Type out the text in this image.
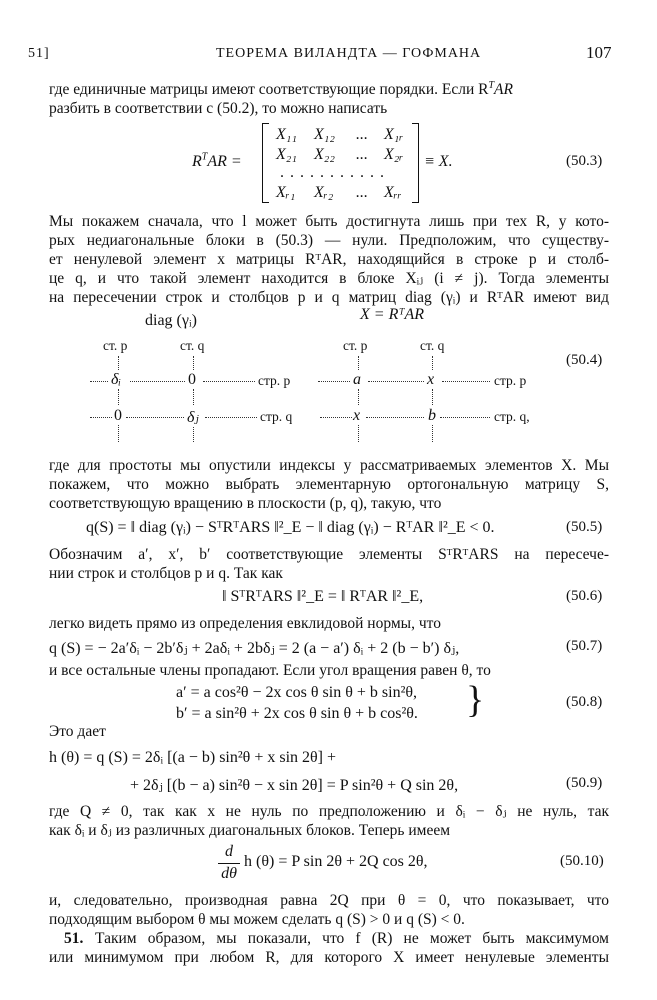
51]	ТЕОРЕМА ВИЛАНДТА — ГОФМАНА	107
где единичные матрицы имеют соответствующие порядки. Если $R^TAR$
разбить в соответствии с (50.2), то можно написать
$R^TAR$ =
X₁₁ X₁₂ ... X₁ᵣ
X₂₁ X₂₂ ... X₂ᵣ
. . . . . . . . . . .
Xᵣ₁ Xᵣ₂ ... Xᵣᵣ
≡ X.	(50.3)
Мы покажем сначала, что l может быть достигнута лишь при тех R, у кото-
рых недиагональные блоки в (50.3) — нули. Предположим, что существу-
ет ненулевой элемент x матрицы RᵀAR, находящийся в строке p и столб-
це q, и что такой элемент находится в блоке Xᵢⱼ (i ≠ j). Тогда элементы
на пересечении строк и столбцов p и q матриц diag (γᵢ) и RᵀAR имеют вид
diag (γᵢ)	X = RᵀAR
ст. p	ст. q	ст. p	ст. q
δᵢ	0	стр. p	a	x	стр. p
0	δⱼ	стр. q	x	b	стр. q,
(50.4)
где для простоты мы опустили индексы у рассматриваемых элементов X. Мы
покажем, что можно выбрать элементарную ортогональную матрицу S,
соответствующую вращению в плоскости (p, q), такую, что
q(S) = ‖ diag (γᵢ) − SᵀRᵀARS ‖²_E − ‖ diag (γᵢ) − RᵀAR ‖²_E < 0.	(50.5)
Обозначим a′, x′, b′ соответствующие элементы SᵀRᵀARS на пересече-
нии строк и столбцов p и q. Так как
‖ SᵀRᵀARS ‖²_E = ‖ RᵀAR ‖²_E,	(50.6)
легко видеть прямо из определения евклидовой нормы, что
q (S) = − 2a′δᵢ − 2b′δⱼ + 2aδᵢ + 2bδⱼ = 2 (a − a′) δᵢ + 2 (b − b′) δⱼ,	(50.7)
и все остальные члены пропадают. Если угол вращения равен θ, то
a′ = a cos²θ − 2x cos θ sin θ + b sin²θ,
b′ = a sin²θ + 2x cos θ sin θ + b cos²θ. }	(50.8)
Это дает
h (θ) = q (S) = 2δᵢ [(a − b) sin²θ + x sin 2θ] +
+ 2δⱼ [(b − a) sin²θ − x sin 2θ] = P sin²θ + Q sin 2θ,	(50.9)
где Q ≠ 0, так как x не нуль по предположению и δᵢ − δⱼ не нуль, так
как δᵢ и δⱼ из различных диагональных блоков. Теперь имеем
d
dθ
h (θ) = P sin 2θ + 2Q cos 2θ,	(50.10)
и, следовательно, производная равна 2Q при θ = 0, что показывает, что
подходящим выбором θ мы можем сделать q (S) > 0 и q (S) < 0.
51. Таким образом, мы показали, что f (R) не может быть максимумом
или минимумом при любом R, для которого X имеет ненулевые элементы
